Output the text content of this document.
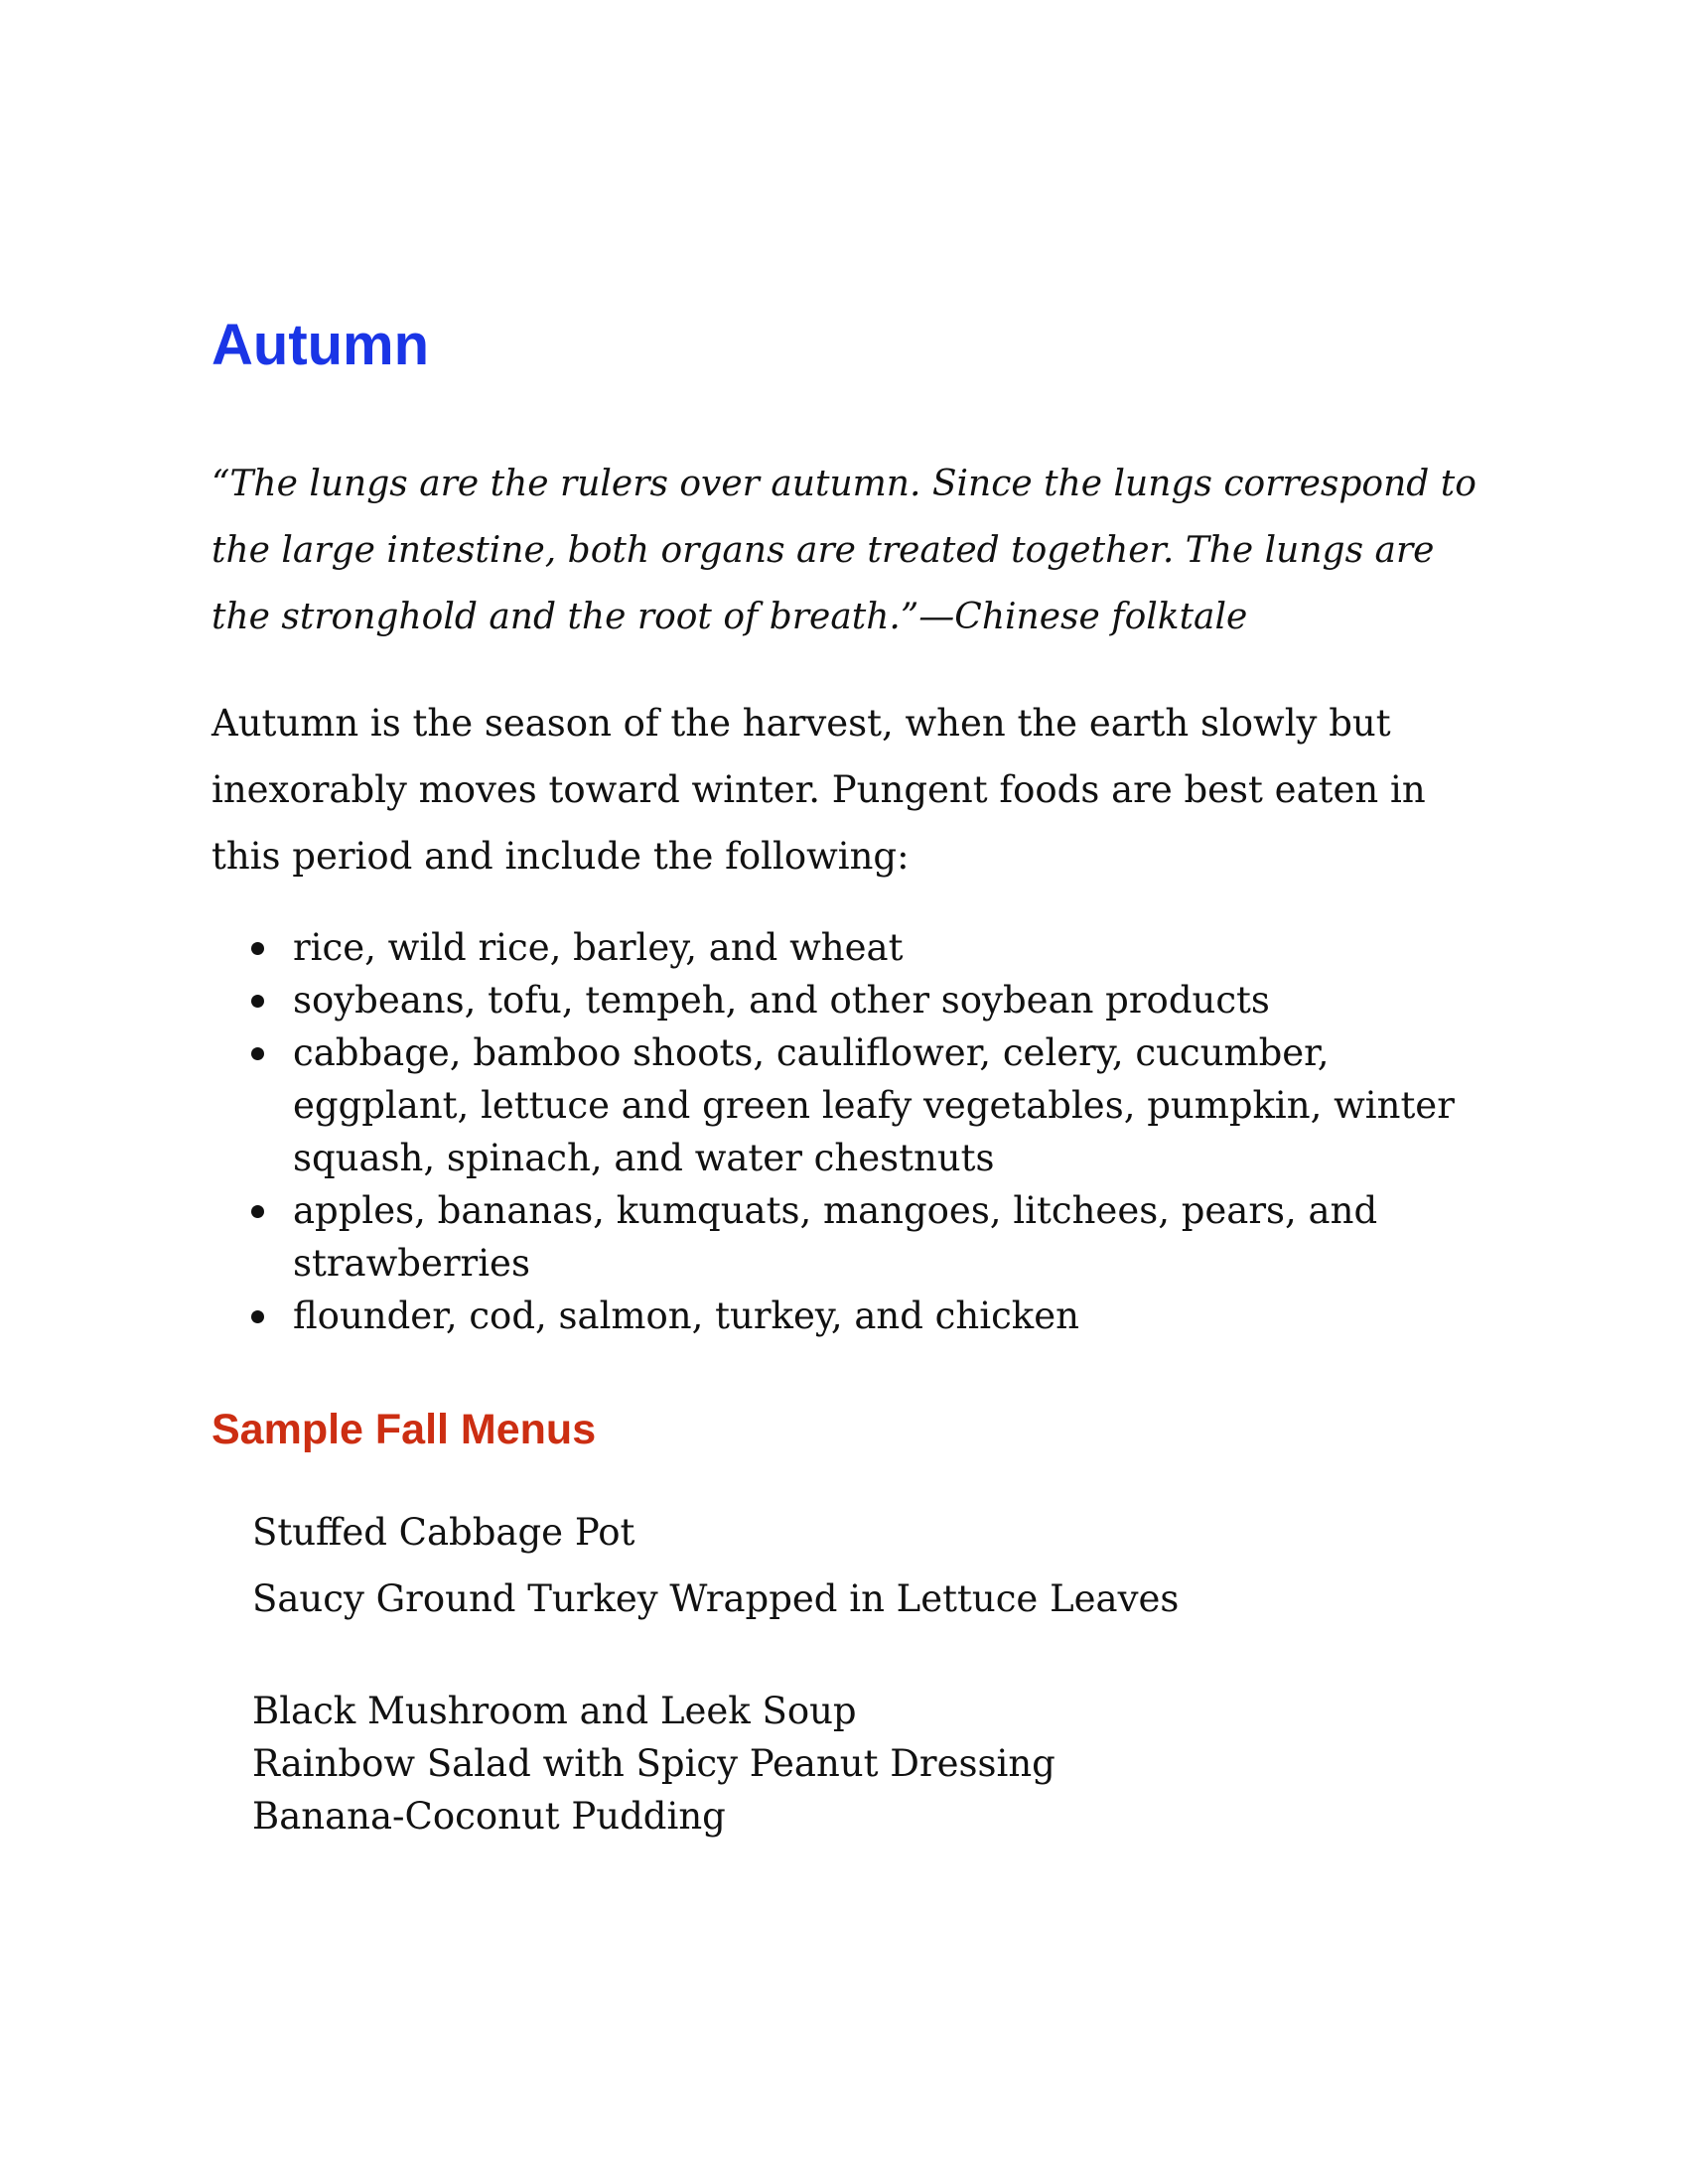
Autumn

“The lungs are the rulers over autumn. Since the lungs correspond to the large intestine, both organs are treated together. The lungs are the stronghold and the root of breath.”—Chinese folktale

Autumn is the season of the harvest, when the earth slowly but inexorably moves toward winter. Pungent foods are best eaten in this period and include the following:

rice, wild rice, barley, and wheat
soybeans, tofu, tempeh, and other soybean products
cabbage, bamboo shoots, cauliflower, celery, cucumber, eggplant, lettuce and green leafy vegetables, pumpkin, winter squash, spinach, and water chestnuts
apples, bananas, kumquats, mangoes, litchees, pears, and strawberries
flounder, cod, salmon, turkey, and chicken
Sample Fall Menus
Stuffed Cabbage Pot
Saucy Ground Turkey Wrapped in Lettuce Leaves
Black Mushroom and Leek Soup
Rainbow Salad with Spicy Peanut Dressing
Banana-Coconut Pudding
